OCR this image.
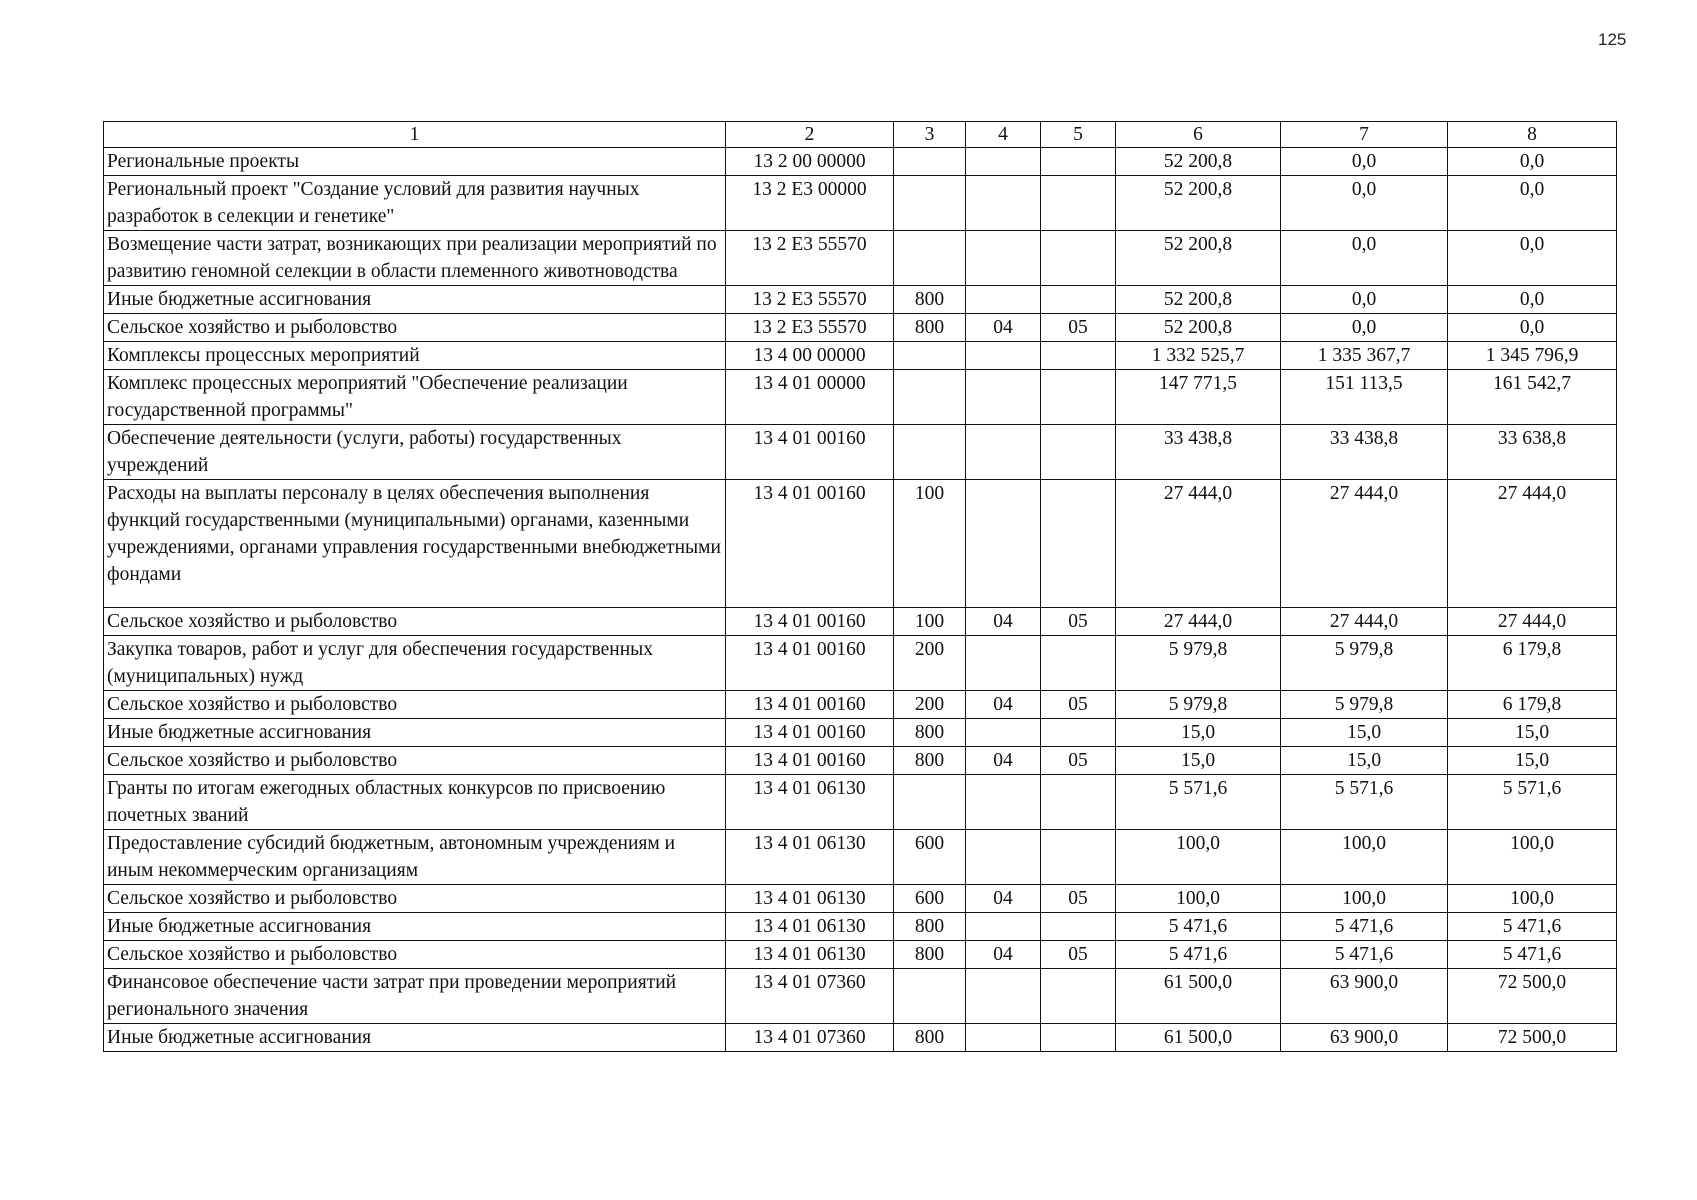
125
1	2	3	4	5	6	7	8
Региональные проекты	13 2 00 00000				52 200,8	0,0	0,0
Региональный проект "Создание условий для развития научных разработок в селекции и генетике"	13 2 Е3 00000				52 200,8	0,0	0,0
Возмещение части затрат, возникающих при реализации мероприятий по развитию геномной селекции в области племенного животноводства	13 2 Е3 55570				52 200,8	0,0	0,0
Иные бюджетные ассигнования	13 2 Е3 55570	800			52 200,8	0,0	0,0
Сельское хозяйство и рыболовство	13 2 Е3 55570	800	04	05	52 200,8	0,0	0,0
Комплексы процессных мероприятий	13 4 00 00000				1 332 525,7	1 335 367,7	1 345 796,9
Комплекс процессных мероприятий "Обеспечение реализации государственной программы"	13 4 01 00000				147 771,5	151 113,5	161 542,7
Обеспечение деятельности (услуги, работы) государственных учреждений	13 4 01 00160				33 438,8	33 438,8	33 638,8
Расходы на выплаты персоналу в целях обеспечения выполнения функций государственными (муниципальными) органами, казенными учреждениями, органами управления государственными внебюджетными фондами	13 4 01 00160	100			27 444,0	27 444,0	27 444,0
Сельское хозяйство и рыболовство	13 4 01 00160	100	04	05	27 444,0	27 444,0	27 444,0
Закупка товаров, работ и услуг для обеспечения государственных (муниципальных) нужд	13 4 01 00160	200			5 979,8	5 979,8	6 179,8
Сельское хозяйство и рыболовство	13 4 01 00160	200	04	05	5 979,8	5 979,8	6 179,8
Иные бюджетные ассигнования	13 4 01 00160	800			15,0	15,0	15,0
Сельское хозяйство и рыболовство	13 4 01 00160	800	04	05	15,0	15,0	15,0
Гранты по итогам ежегодных областных конкурсов по присвоению почетных званий	13 4 01 06130				5 571,6	5 571,6	5 571,6
Предоставление субсидий бюджетным, автономным учреждениям и иным некоммерческим организациям	13 4 01 06130	600			100,0	100,0	100,0
Сельское хозяйство и рыболовство	13 4 01 06130	600	04	05	100,0	100,0	100,0
Иные бюджетные ассигнования	13 4 01 06130	800			5 471,6	5 471,6	5 471,6
Сельское хозяйство и рыболовство	13 4 01 06130	800	04	05	5 471,6	5 471,6	5 471,6
Финансовое обеспечение части затрат при проведении мероприятий регионального значения	13 4 01 07360				61 500,0	63 900,0	72 500,0
Иные бюджетные ассигнования	13 4 01 07360	800			61 500,0	63 900,0	72 500,0
